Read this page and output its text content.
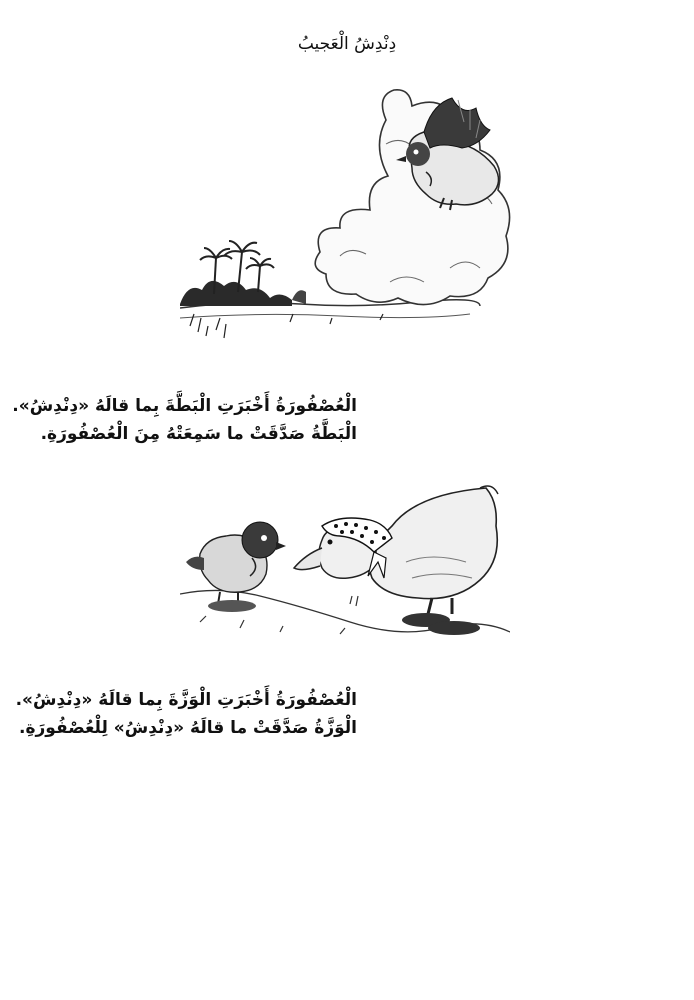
دِنْدِشُ الْعَجيبُ
الْعُصْفُورَةُ أَخْبَرَتِ الْبَطَّةَ بِما قالَهُ «دِنْدِشُ».
الْبَطَّةُ صَدَّقَتْ ما سَمِعَتْهُ مِنَ الْعُصْفُورَةِ.
الْعُصْفُورَةُ أَخْبَرَتِ الْوَزَّةَ بِما قالَهُ «دِنْدِشُ».
الْوَزَّةُ صَدَّقَتْ ما قالَهُ «دِنْدِشُ» لِلْعُصْفُورَةِ.
